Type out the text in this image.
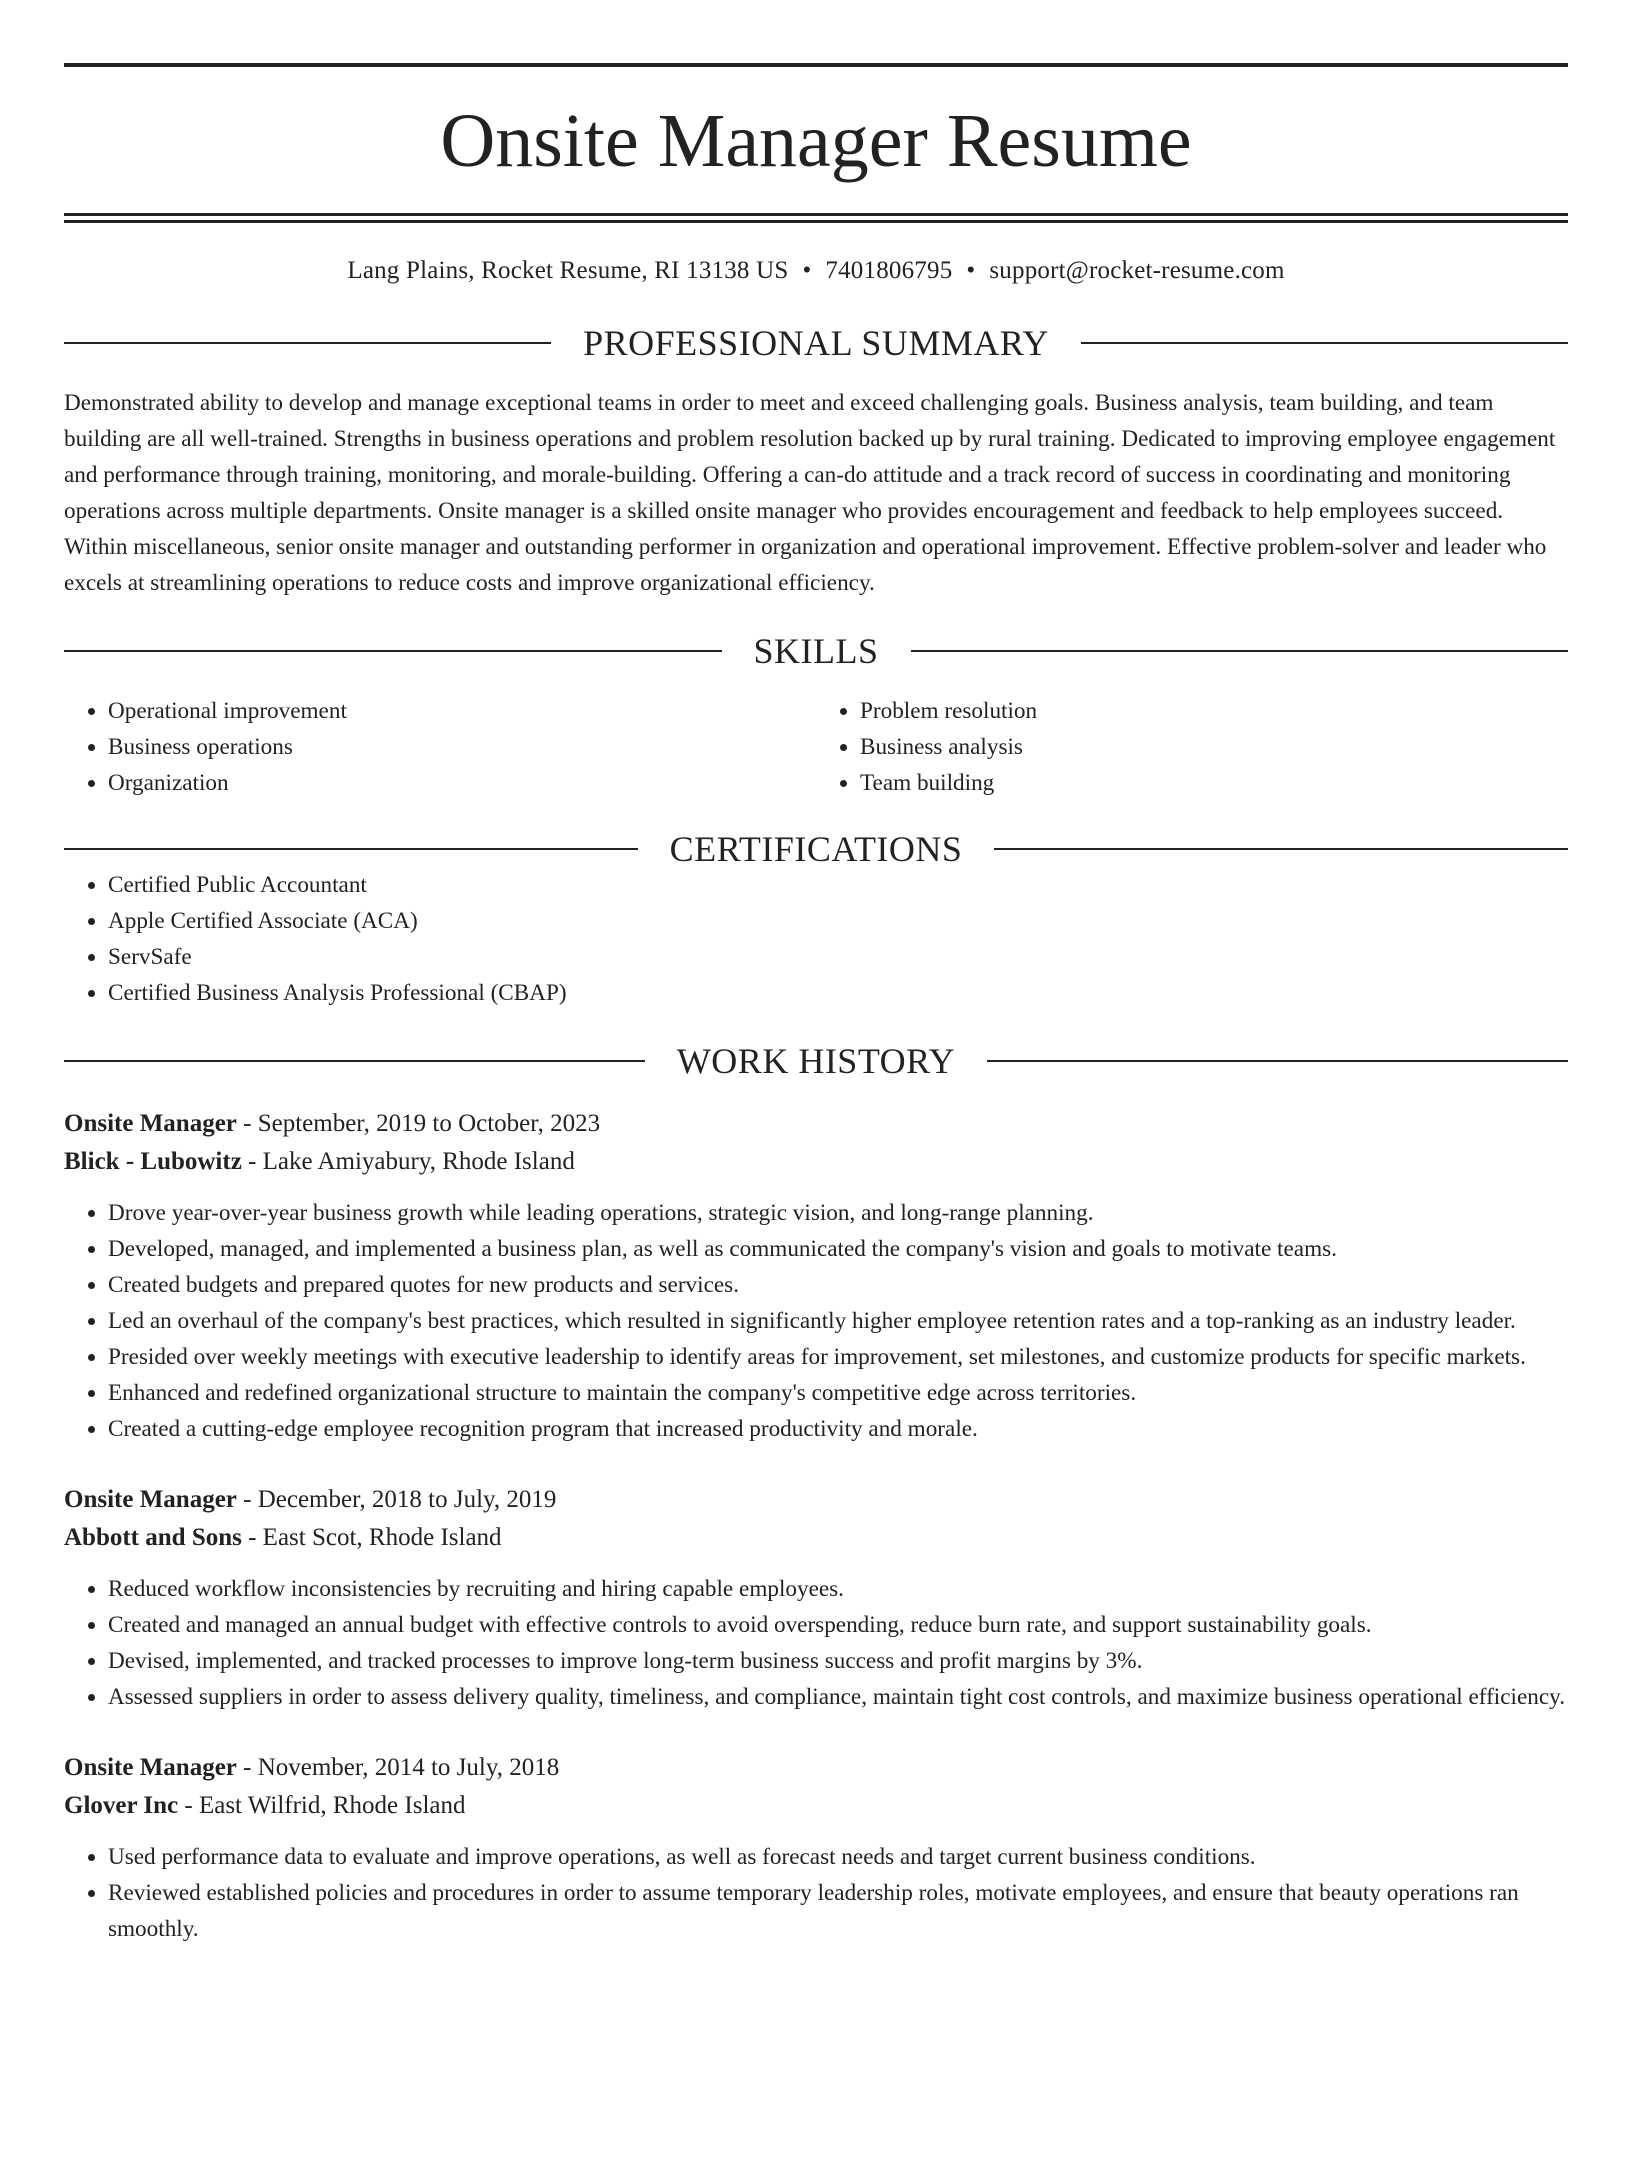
Onsite Manager Resume
Lang Plains, Rocket Resume, RI 13138 US • 7401806795 • support@rocket-resume.com
PROFESSIONAL SUMMARY

Demonstrated ability to develop and manage exceptional teams in order to meet and exceed challenging goals. Business analysis, team building, and team building are all well-trained. Strengths in business operations and problem resolution backed up by rural training. Dedicated to improving employee engagement and performance through training, monitoring, and morale-building. Offering a can-do attitude and a track record of success in coordinating and monitoring operations across multiple departments. Onsite manager is a skilled onsite manager who provides encouragement and feedback to help employees succeed. Within miscellaneous, senior onsite manager and outstanding performer in organization and operational improvement. Effective problem-solver and leader who excels at streamlining operations to reduce costs and improve organizational efficiency.

SKILLS
• Operational improvement
• Business operations
• Organization
• Problem resolution
• Business analysis
• Team building
CERTIFICATIONS
• Certified Public Accountant
• Apple Certified Associate (ACA)
• ServSafe
• Certified Business Analysis Professional (CBAP)
WORK HISTORY
Onsite Manager - September, 2019 to October, 2023
Blick - Lubowitz - Lake Amiyabury, Rhode Island
• Drove year-over-year business growth while leading operations, strategic vision, and long-range planning.
• Developed, managed, and implemented a business plan, as well as communicated the company's vision and goals to motivate teams.
• Created budgets and prepared quotes for new products and services.
• Led an overhaul of the company's best practices, which resulted in significantly higher employee retention rates and a top-ranking as an industry leader.
• Presided over weekly meetings with executive leadership to identify areas for improvement, set milestones, and customize products for specific markets.
• Enhanced and redefined organizational structure to maintain the company's competitive edge across territories.
• Created a cutting-edge employee recognition program that increased productivity and morale.
Onsite Manager - December, 2018 to July, 2019
Abbott and Sons - East Scot, Rhode Island
• Reduced workflow inconsistencies by recruiting and hiring capable employees.
• Created and managed an annual budget with effective controls to avoid overspending, reduce burn rate, and support sustainability goals.
• Devised, implemented, and tracked processes to improve long-term business success and profit margins by 3%.
• Assessed suppliers in order to assess delivery quality, timeliness, and compliance, maintain tight cost controls, and maximize business operational efficiency.
Onsite Manager - November, 2014 to July, 2018
Glover Inc - East Wilfrid, Rhode Island
• Used performance data to evaluate and improve operations, as well as forecast needs and target current business conditions.
• Reviewed established policies and procedures in order to assume temporary leadership roles, motivate employees, and ensure that beauty operations ran smoothly.
